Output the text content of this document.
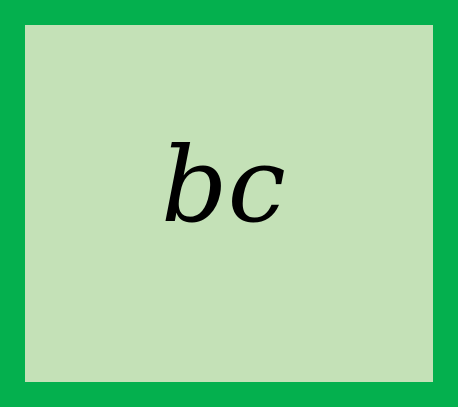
bc
